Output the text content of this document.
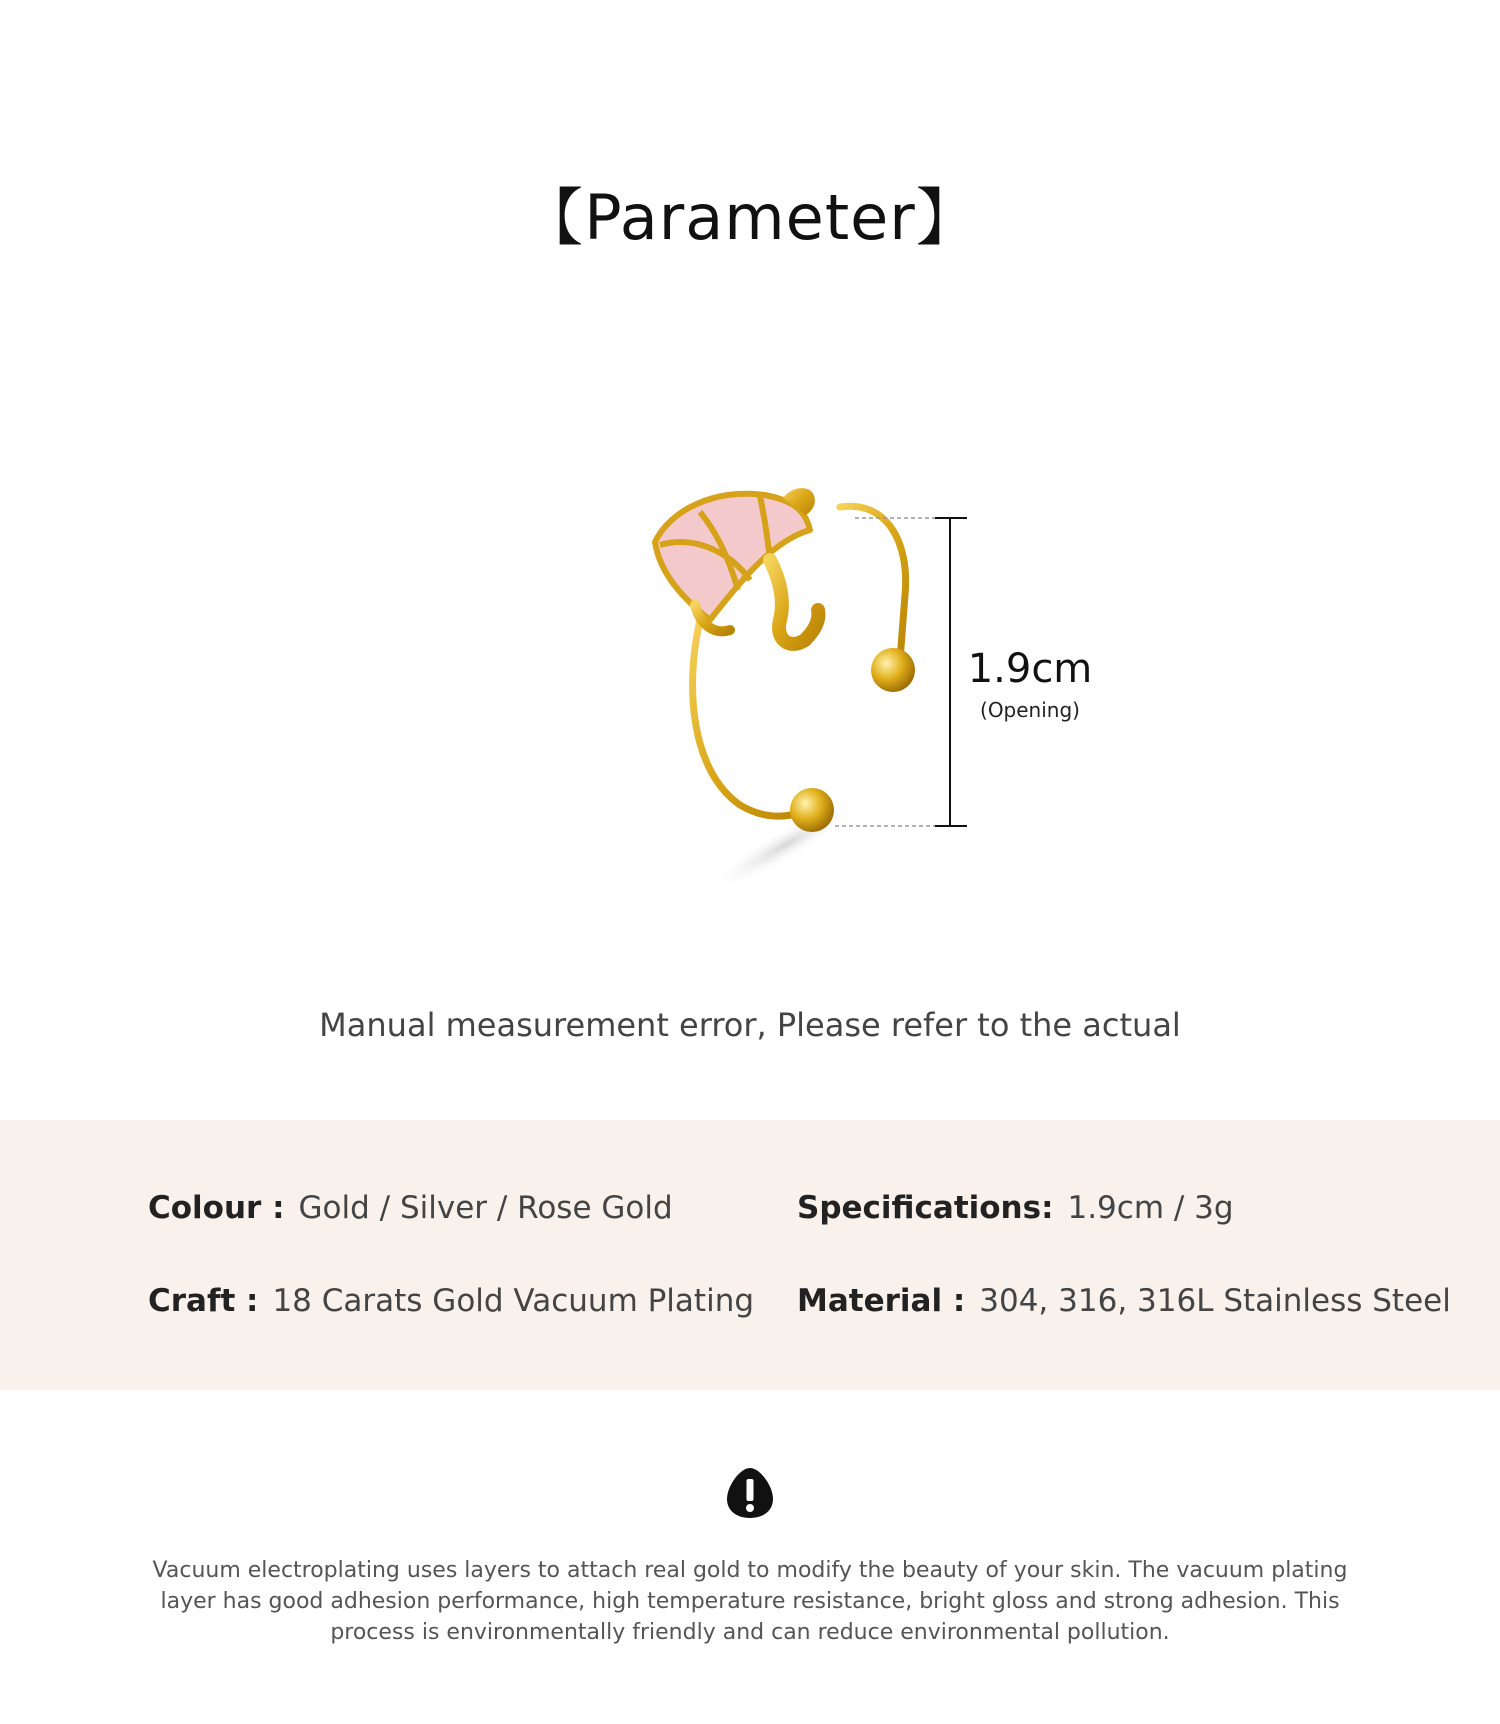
【Parameter】
1.9cm
(Opening)
Manual measurement error, Please refer to the actual
Colour : Gold / Silver / Rose Gold	Specifications: 1.9cm / 3g
Craft : 18 Carats Gold Vacuum Plating Material : 304, 316, 316L Stainless Steel
Vacuum electroplating uses layers to attach real gold to modify the beauty of your skin. The vacuum plating layer has good adhesion performance, high temperature resistance, bright gloss and strong adhesion. This process is environmentally friendly and can reduce environmental pollution.
